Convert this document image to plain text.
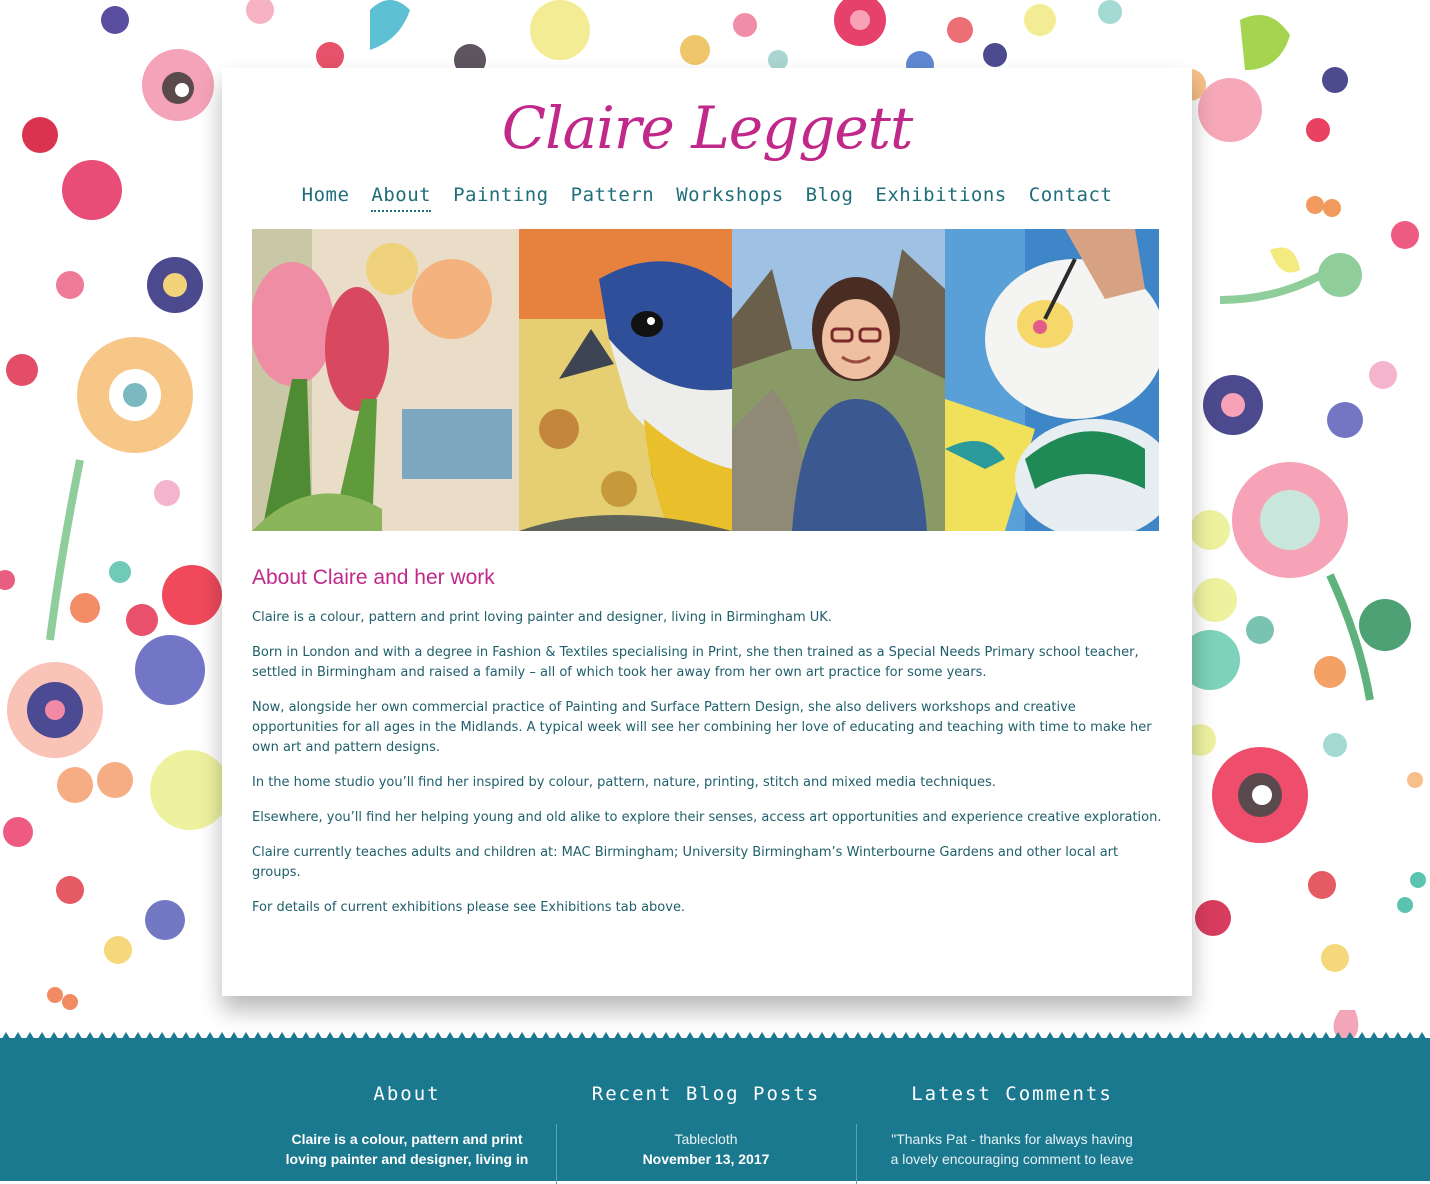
Claire Leggett
Home About Painting Pattern Workshops Blog Exhibitions Contact
About Claire and her work

Claire is a colour, pattern and print loving painter and designer, living in Birmingham UK.

Born in London and with a degree in Fashion & Textiles specialising in Print, she then trained as a Special Needs Primary school teacher, settled in Birmingham and raised a family – all of which took her away from her own art practice for some years.

Now, alongside her own commercial practice of Painting and Surface Pattern Design, she also delivers workshops and creative opportunities for all ages in the Midlands. A typical week will see her combining her love of educating and teaching with time to make her own art and pattern designs.

In the home studio you’ll find her inspired by colour, pattern, nature, printing, stitch and mixed media techniques.

Elsewhere, you’ll find her helping young and old alike to explore their senses, access art opportunities and experience creative exploration.

Claire currently teaches adults and children at: MAC Birmingham; University Birmingham’s Winterbourne Gardens and other local art groups.

For details of current exhibitions please see Exhibitions tab above.

About
Claire is a colour, pattern and print
loving painter and designer, living in
Recent Blog Posts
Tablecloth
November 13, 2017
Latest Comments
"Thanks Pat - thanks for always having
a lovely encouraging comment to leave
